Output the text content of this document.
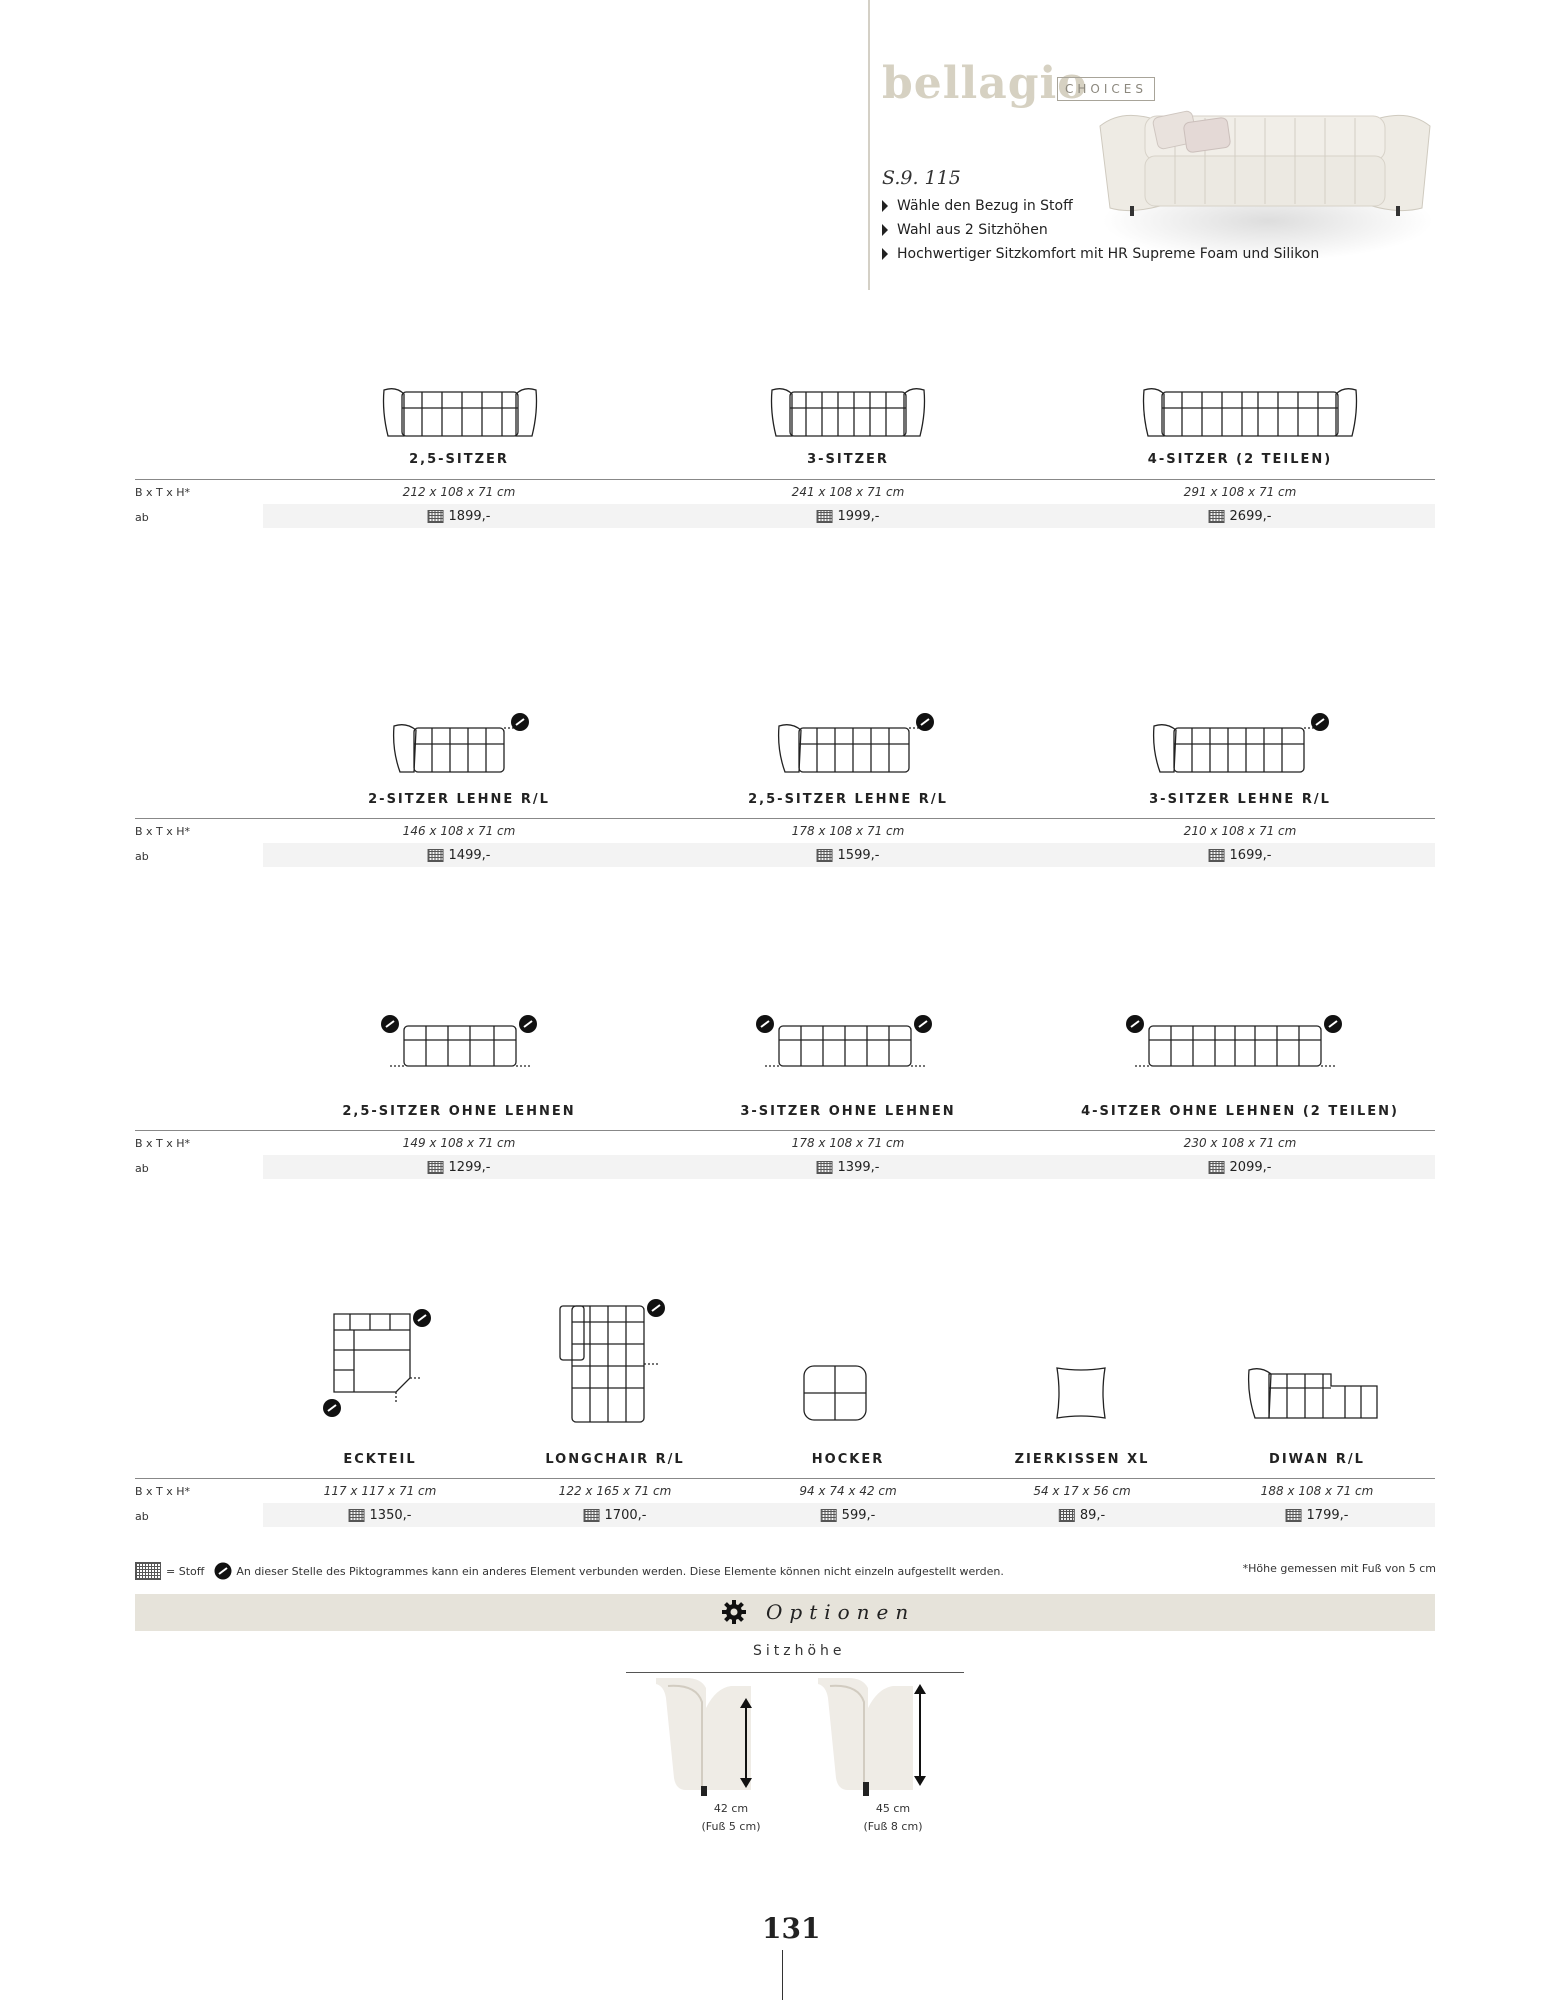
bellagio
CHOICES
S.9. 115
Wähle den Bezug in Stoff
Wahl aus 2 Sitzhöhen
Hochwertiger Sitzkomfort mit HR Supreme Foam und Silikon
2,5-SITZER	3-SITZER	4-SITZER (2 TEILEN)
B x T x H*	212 x 108 x 71 cm	241 x 108 x 71 cm	291 x 108 x 71 cm
ab	1899,-	1999,-	2699,-
2-SITZER LEHNE R/L	2,5-SITZER LEHNE R/L	3-SITZER LEHNE R/L
B x T x H*	146 x 108 x 71 cm	178 x 108 x 71 cm	210 x 108 x 71 cm
ab	1499,-	1599,-	1699,-
2,5-SITZER OHNE LEHNEN	3-SITZER OHNE LEHNEN	4-SITZER OHNE LEHNEN (2 TEILEN)
B x T x H*	149 x 108 x 71 cm	178 x 108 x 71 cm	230 x 108 x 71 cm
ab	1299,-	1399,-	2099,-
ECKTEIL	LONGCHAIR R/L	HOCKER	ZIERKISSEN XL	DIWAN R/L
B x T x H*	117 x 117 x 71 cm	122 x 165 x 71 cm	94 x 74 x 42 cm	54 x 17 x 56 cm	188 x 108 x 71 cm
ab	1350,-	1700,-	599,-	89,-	1799,-
= Stoff	An dieser Stelle des Piktogrammes kann ein anderes Element verbunden werden. Diese Elemente können nicht einzeln aufgestellt werden.	*Höhe gemessen mit Fuß von 5 cm
Optionen
Sitzhöhe
42 cm
(Fuß 5 cm)
45 cm
(Fuß 8 cm)
131
